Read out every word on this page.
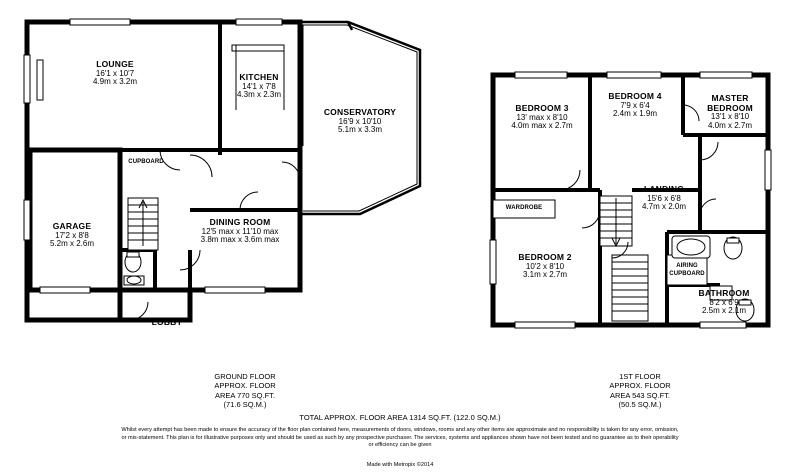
LOUNGE
16'1 x 10'7
4.9m x 3.2m	KITCHEN
14'1 x 7'8
4.3m x 2.3m
CONSERVATORY
16'9 x 10'10
5.1m x 3.3m
GARAGE
17'2 x 8'8
5.2m x 2.6m
DINING ROOM
12'5 max x 11'10 max
3.8m max x 3.6m max
CUPBOARD
LOBBY
BEDROOM 3
13' max x 8'10
4.0m max x 2.7m
BEDROOM 4
7'9 x 6'4
2.4m x 1.9m
MASTER
BEDROOM
13'1 x 8'10
4.0m x 2.7m
LANDING
15'6 x 6'8
4.7m x 2.0m
BEDROOM 2
10'2 x 8'10
3.1m x 2.7m
BATHROOM
8'2 x 6'9
2.5m x 2.1m
WARDROBE
AIRING
CUPBOARD
GROUND FLOOR
APPROX. FLOOR
AREA 770 SQ.FT.
(71.6 SQ.M.)
1ST FLOOR
APPROX. FLOOR
AREA 543 SQ.FT.
(50.5 SQ.M.)
TOTAL APPROX. FLOOR AREA 1314 SQ.FT. (122.0 SQ.M.)
Whilst every attempt has been made to ensure the accuracy of the floor plan contained here, measurements of doors, windows, rooms and any other items are approximate and no responsibility is taken for any error, omission, or mis-statement. This plan is for illustrative purposes only and should be used as such by any prospective purchaser. The services, systems and appliances shown have not been tested and no guarantee as to their operability or efficiency can be given
Made with Metropix ©2014
